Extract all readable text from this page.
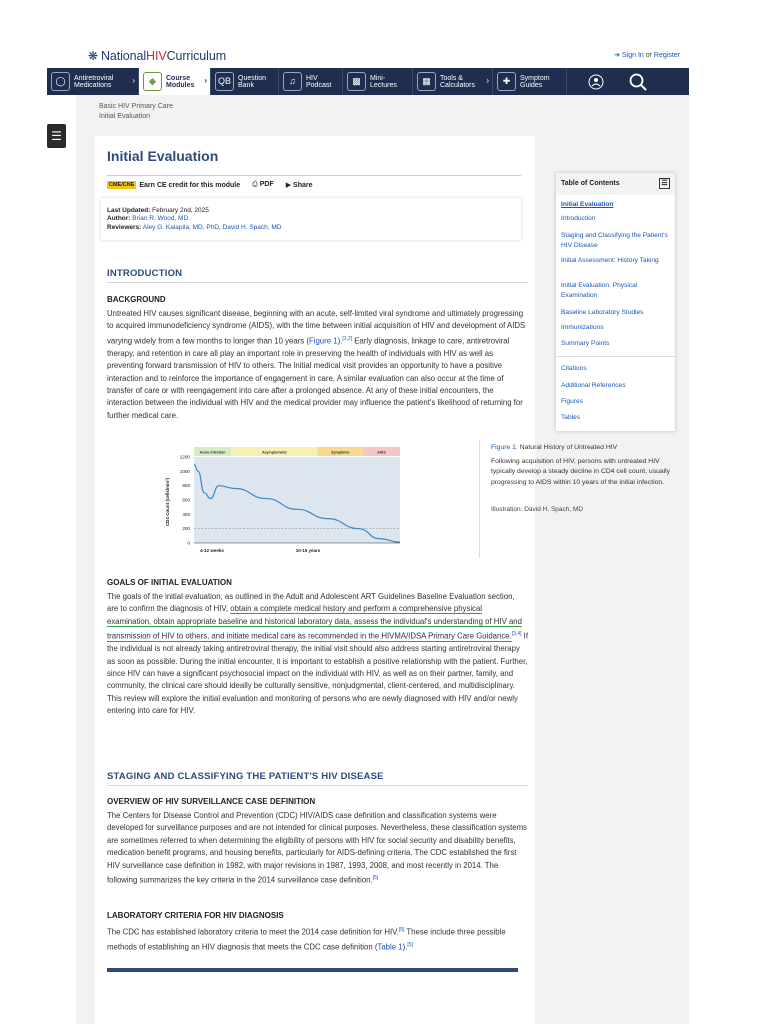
❋ National HIV Curriculum	➜ Sign In or Register
◯	Antiretroviral
Medications	›	◈	Course
Modules ›	QB	Question
Bank	♫	HIV
Podcast	▩	Mini-
Lectures	▦	Tools &
Calculators ›	✚	Symptom
Guides
☰
Basic HIV Primary Care
Initial Evaluation
Initial Evaluation
CME/CNE Earn CE credit for this module ⎙ PDF ▶ Share
Last Updated: February 2nd, 2025
Author: Brian R. Wood, MD
Reviewers: Aley G. Kalapila, MD, PhD, David H. Spach, MD
INTRODUCTION
BACKGROUND
Untreated HIV causes significant disease, beginning with an acute, self-limited viral syndrome and ultimately progressing to acquired immunodeficiency syndrome (AIDS), with the time between initial acquisition of HIV and development of AIDS varying widely from a few months to longer than 10 years (Figure 1).[1,2] Early diagnosis, linkage to care, antiretroviral therapy, and retention in care all play an important role in preserving the health of individuals with HIV as well as preventing forward transmission of HIV to others. The initial medical visit provides an opportunity to have a positive interaction and to reinforce the importance of engagement in care. A similar evaluation can also occur at the time of transfer of care or with reengagement into care after a prolonged absence. At any of these initial encounters, the interaction between the individual with HIV and the medical provider may influence the patient's likelihood of returning for further medical care.
Acute Infection	Asymptomatic	Symptoms	AIDS
1200
1000
800
600
400
200
0
CD4 Count (cells/mm³)
4-12 weeks	10-15 years
Figure 1. Natural History of Untreated HIV
Following acquisition of HIV, persons with untreated HIV typically develop a steady decline in CD4 cell count, usually progressing to AIDS within 10 years of the initial infection.
Illustration: David H. Spach, MD
GOALS OF INITIAL EVALUATION
The goals of the initial evaluation, as outlined in the Adult and Adolescent ART Guidelines Baseline Evaluation section, are to confirm the diagnosis of HIV, obtain a complete medical history and perform a comprehensive physical examination, obtain appropriate baseline and historical laboratory data, assess the individual's understanding of HIV and transmission of HIV to others, and initiate medical care as recommended in the HIVMA/IDSA Primary Care Guidance.[3,4] If the individual is not already taking antiretroviral therapy, the initial visit should also address starting antiretroviral therapy as soon as possible. During the initial encounter, it is important to establish a positive relationship with the patient. Further, since HIV can have a significant psychosocial impact on the individual with HIV, as well as on their partner, family, and community, the clinical care should ideally be culturally sensitive, nonjudgmental, client-centered, and multidisciplinary. This review will explore the initial evaluation and monitoring of persons who are newly diagnosed with HIV and/or newly entering into care for HIV.
STAGING AND CLASSIFYING THE PATIENT'S HIV DISEASE
OVERVIEW OF HIV SURVEILLANCE CASE DEFINITION
The Centers for Disease Control and Prevention (CDC) HIV/AIDS case definition and classification systems were developed for surveillance purposes and are not intended for clinical purposes. Nevertheless, these classification systems are sometimes referred to when determining the eligibility of persons with HIV for social security and disability benefits, medication benefit programs, and housing benefits, particularly for AIDS-defining criteria. The CDC established the first HIV surveillance case definition in 1982, with major revisions in 1987, 1993, 2008, and most recently in 2014. The following summarizes the key criteria in the 2014 surveillance case definition.[5]
LABORATORY CRITERIA FOR HIV DIAGNOSIS
The CDC has established laboratory criteria to meet the 2014 case definition for HIV.[5] These include three possible methods of establishing an HIV diagnosis that meets the CDC case definition (Table 1).[5]
Table of Contents	☰
Initial Evaluation
Introduction
Staging and Classifying the Patient's HIV Disease
Initial Assessment: History Taking
Initial Evaluation: Physical Examination
Baseline Laboratory Studies
Immunizations
Summary Points
Citations
Additional References
Figures
Tables
